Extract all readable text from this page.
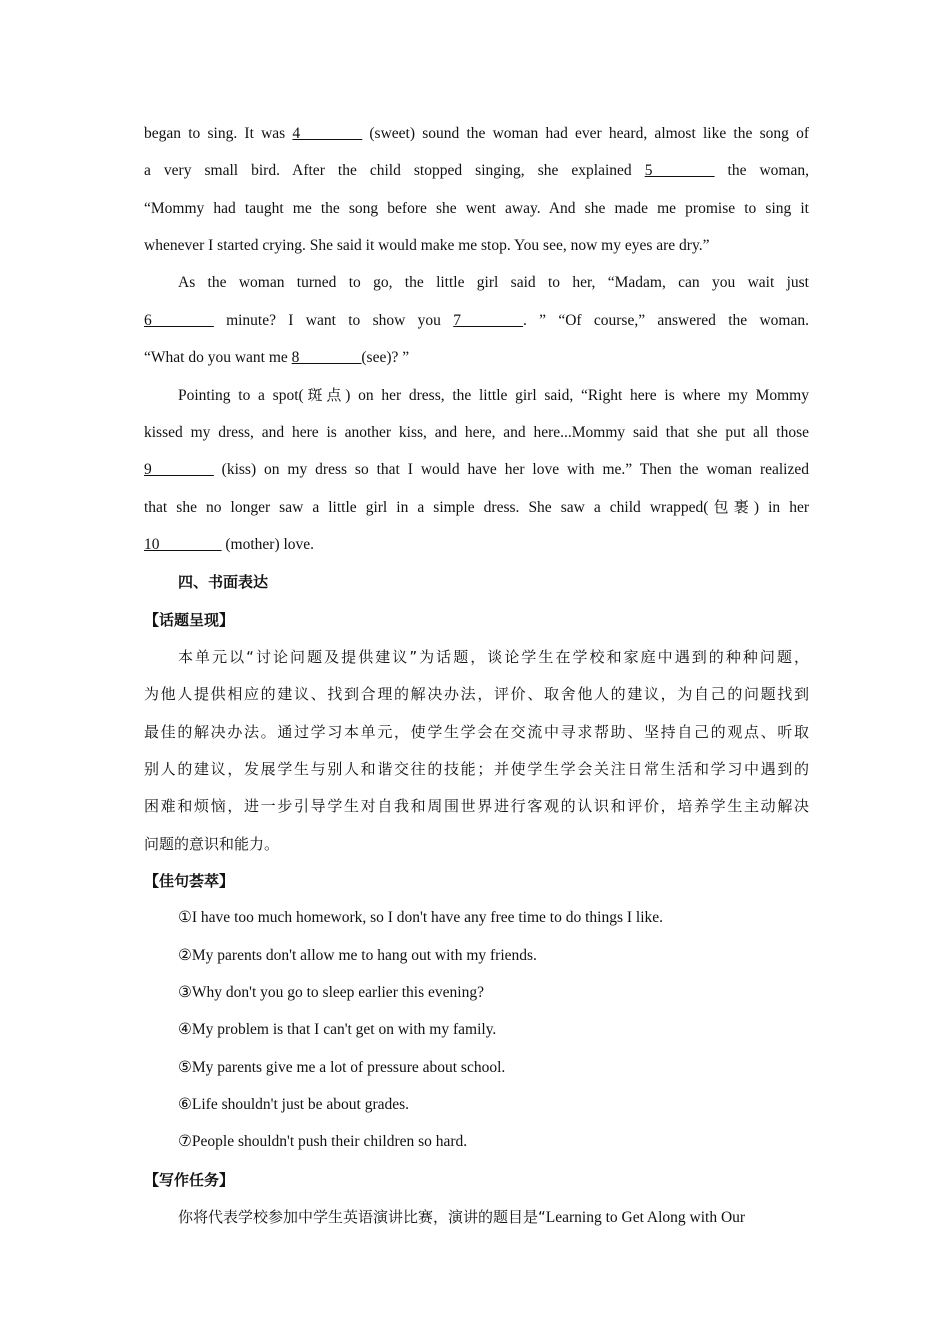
began to sing. It was 4________ (sweet) sound the woman had ever heard, almost like the song of
a very small bird. After the child stopped singing, she explained 5________ the woman,
“Mommy had taught me the song before she went away. And she made me promise to sing it
whenever I started crying. She said it would make me stop. You see, now my eyes are dry.”
As the woman turned to go, the little girl said to her, “Madam, can you wait just
6________ minute? I want to show you 7________. ” “Of course,” answered the woman.
“What do you want me 8________(see)? ”
Pointing to a spot(斑点) on her dress, the little girl said, “Right here is where my Mommy
kissed my dress, and here is another kiss, and here, and here...Mommy said that she put all those
9________ (kiss) on my dress so that I would have her love with me.” Then the woman realized
that she no longer saw a little girl in a simple dress. She saw a child wrapped(包裹) in her
10________ (mother) love.
四、书面表达
【话题呈现】
本单元以“讨论问题及提供建议”为话题，谈论学生在学校和家庭中遇到的种种问题，
为他人提供相应的建议、找到合理的解决办法，评价、取舍他人的建议，为自己的问题找到
最佳的解决办法。通过学习本单元，使学生学会在交流中寻求帮助、坚持自己的观点、听取
别人的建议，发展学生与别人和谐交往的技能；并使学生学会关注日常生活和学习中遇到的
困难和烦恼，进一步引导学生对自我和周围世界进行客观的认识和评价，培养学生主动解决
问题的意识和能力。
【佳句荟萃】
①I have too much homework, so I don't have any free time to do things I like.
②My parents don't allow me to hang out with my friends.
③Why don't you go to sleep earlier this evening?
④My problem is that I can't get on with my family.
⑤My parents give me a lot of pressure about school.
⑥Life shouldn't just be about grades.
⑦People shouldn't push their children so hard.
【写作任务】
你将代表学校参加中学生英语演讲比赛，演讲的题目是“Learning to Get Along with Our
